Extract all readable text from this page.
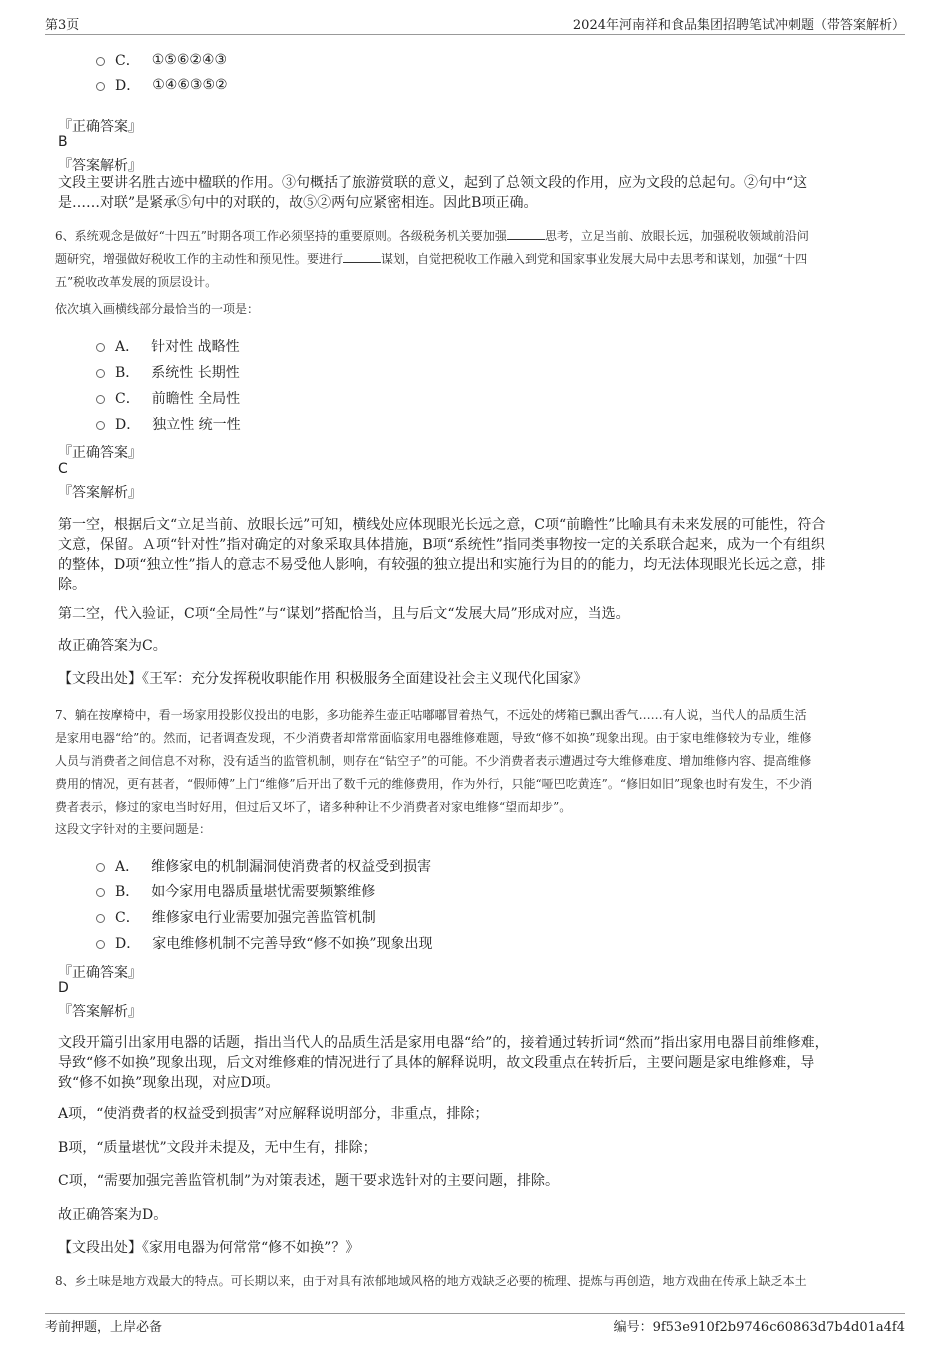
第3页	2024年河南祥和食品集团招聘笔试冲刺题（带答案解析）
C． ①⑤⑥②④③
D． ①④⑥③⑤②
『正确答案』
B
『答案解析』
文段主要讲名胜古迹中楹联的作用。③句概括了旅游赏联的意义，起到了总领文段的作用，应为文段的总起句。②句中“这
是……对联”是紧承⑤句中的对联的，故⑤②两句应紧密相连。因此B项正确。
6、系统观念是做好“十四五”时期各项工作必须坚持的重要原则。各级税务机关要加强	思考，立足当前、放眼长远，加强税收领域前沿问
题研究，增强做好税收工作的主动性和预见性。要进行	谋划，自觉把税收工作融入到党和国家事业发展大局中去思考和谋划，加强“十四
五”税收改革发展的顶层设计。
依次填入画横线部分最恰当的一项是：
A． 针对性 战略性
B． 系统性 长期性
C． 前瞻性 全局性
D． 独立性 统一性
『正确答案』
C
『答案解析』
第一空，根据后文“立足当前、放眼长远”可知，横线处应体现眼光长远之意，C项“前瞻性”比喻具有未来发展的可能性，符合
文意，保留。Ａ项“针对性”指对确定的对象采取具体措施，B项“系统性”指同类事物按一定的关系联合起来，成为一个有组织
的整体，D项“独立性”指人的意志不易受他人影响，有较强的独立提出和实施行为目的的能力，均无法体现眼光长远之意，排
除。
第二空，代入验证，C项“全局性”与“谋划”搭配恰当，且与后文“发展大局”形成对应，当选。
故正确答案为C。
【文段出处】《王军：充分发挥税收职能作用 积极服务全面建设社会主义现代化国家》
7、躺在按摩椅中，看一场家用投影仪投出的电影，多功能养生壶正咕嘟嘟冒着热气，不远处的烤箱已飘出香气……有人说，当代人的品质生活
是家用电器“给”的。然而，记者调查发现，不少消费者却常常面临家用电器维修难题，导致“修不如换”现象出现。由于家电维修较为专业，维修
人员与消费者之间信息不对称，没有适当的监管机制，则存在“钻空子”的可能。不少消费者表示遭遇过夸大维修难度、增加维修内容、提高维修
费用的情况，更有甚者，“假师傅”上门“维修”后开出了数千元的维修费用，作为外行，只能“哑巴吃黄连”。“修旧如旧”现象也时有发生，不少消
费者表示，修过的家电当时好用，但过后又坏了，诸多种种让不少消费者对家电维修“望而却步”。
这段文字针对的主要问题是：
A． 维修家电的机制漏洞使消费者的权益受到损害
B． 如今家用电器质量堪忧需要频繁维修
C． 维修家电行业需要加强完善监管机制
D． 家电维修机制不完善导致“修不如换”现象出现
『正确答案』
D
『答案解析』
文段开篇引出家用电器的话题，指出当代人的品质生活是家用电器“给”的，接着通过转折词“然而”指出家用电器目前维修难，
导致“修不如换”现象出现，后文对维修难的情况进行了具体的解释说明，故文段重点在转折后，主要问题是家电维修难，导
致“修不如换”现象出现，对应D项。
A项，“使消费者的权益受到损害”对应解释说明部分，非重点，排除；
B项，“质量堪忧”文段并未提及，无中生有，排除；
C项，“需要加强完善监管机制”为对策表述，题干要求选针对的主要问题，排除。
故正确答案为D。
【文段出处】《家用电器为何常常“修不如换”？》
8、乡土味是地方戏最大的特点。可长期以来，由于对具有浓郁地域风格的地方戏缺乏必要的梳理、提炼与再创造，地方戏曲在传承上缺乏本土
考前押题，上岸必备	编号：9f53e910f2b9746c60863d7b4d01a4f4
